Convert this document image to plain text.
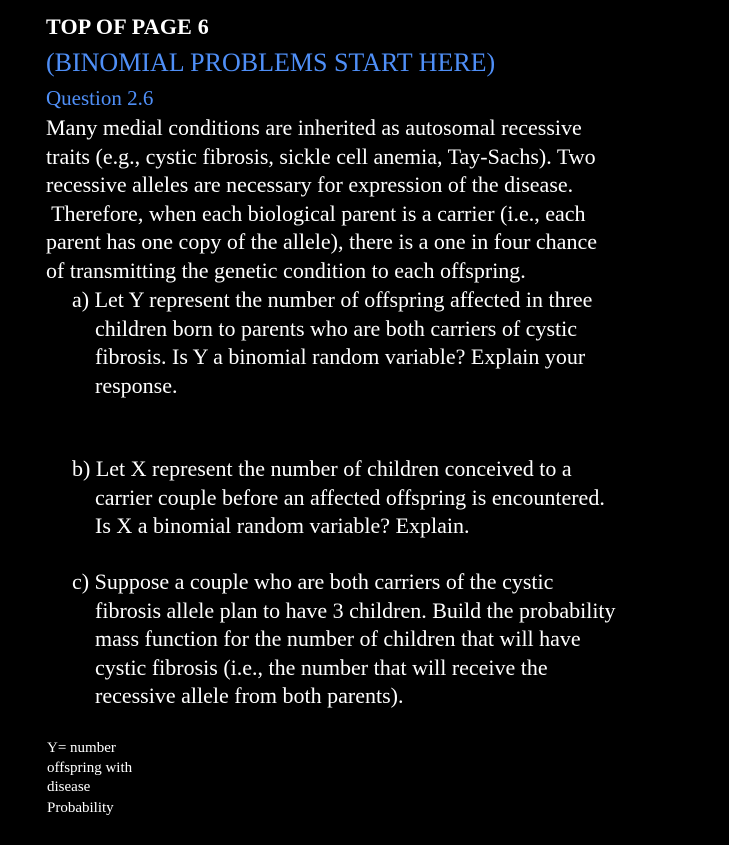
TOP OF PAGE 6
(BINOMIAL PROBLEMS START HERE)
Question 2.6
Many medial conditions are inherited as autosomal recessive
traits (e.g., cystic fibrosis, sickle cell anemia, Tay-Sachs). Two
recessive alleles are necessary for expression of the disease.
Therefore, when each biological parent is a carrier (i.e., each
parent has one copy of the allele), there is a one in four chance
of transmitting the genetic condition to each offspring.
a) Let Y represent the number of offspring affected in three
children born to parents who are both carriers of cystic
fibrosis. Is Y a binomial random variable? Explain your
response.
b) Let X represent the number of children conceived to a
carrier couple before an affected offspring is encountered.
Is X a binomial random variable? Explain.
c) Suppose a couple who are both carriers of the cystic
fibrosis allele plan to have 3 children. Build the probability
mass function for the number of children that will have
cystic fibrosis (i.e., the number that will receive the
recessive allele from both parents).
Y= number
offspring with
disease
Probability
